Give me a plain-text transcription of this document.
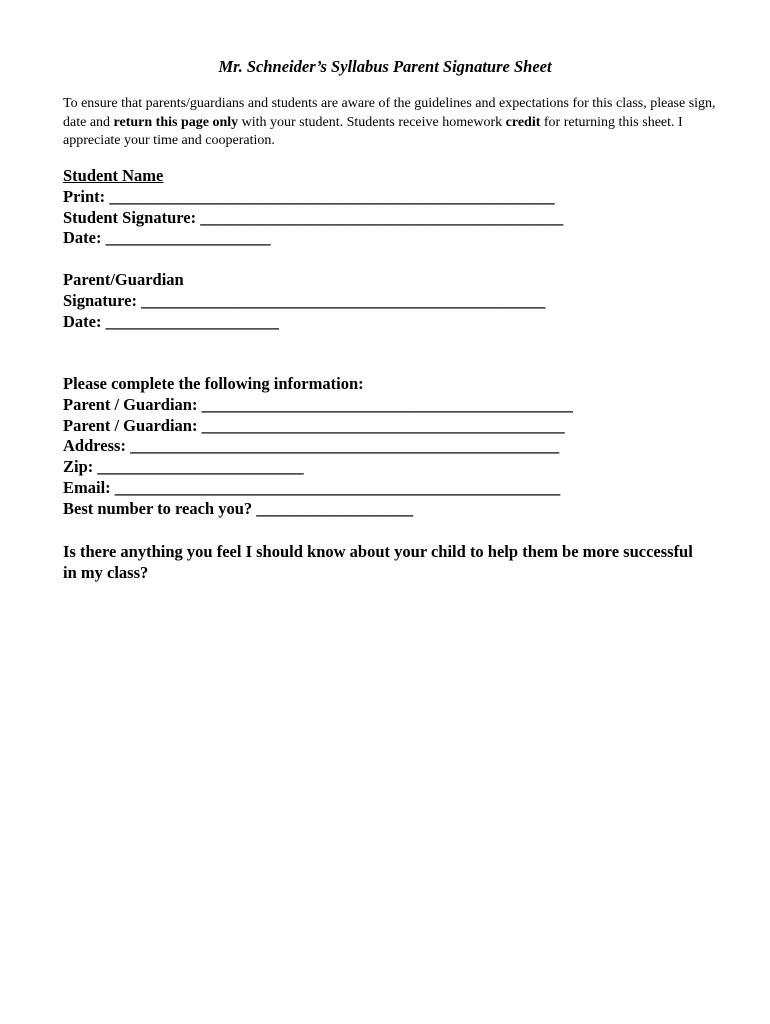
Mr. Schneider’s Syllabus Parent Signature Sheet
To ensure that parents/guardians and students are aware of the guidelines and expectations for this class, please sign, date and return this page only with your student. Students receive homework credit for returning this sheet. I appreciate your time and cooperation.
Student Name
Print: ______________________________________________________
Student Signature: ____________________________________________
Date: ____________________
Parent/Guardian
Signature: _________________________________________________
Date: _____________________
Please complete the following information:
Parent / Guardian: _____________________________________________
Parent / Guardian: ____________________________________________
Address: ____________________________________________________
Zip: _________________________
Email: ______________________________________________________
Best number to reach you? ___________________
Is there anything you feel I should know about your child to help them be more successful in my class?
